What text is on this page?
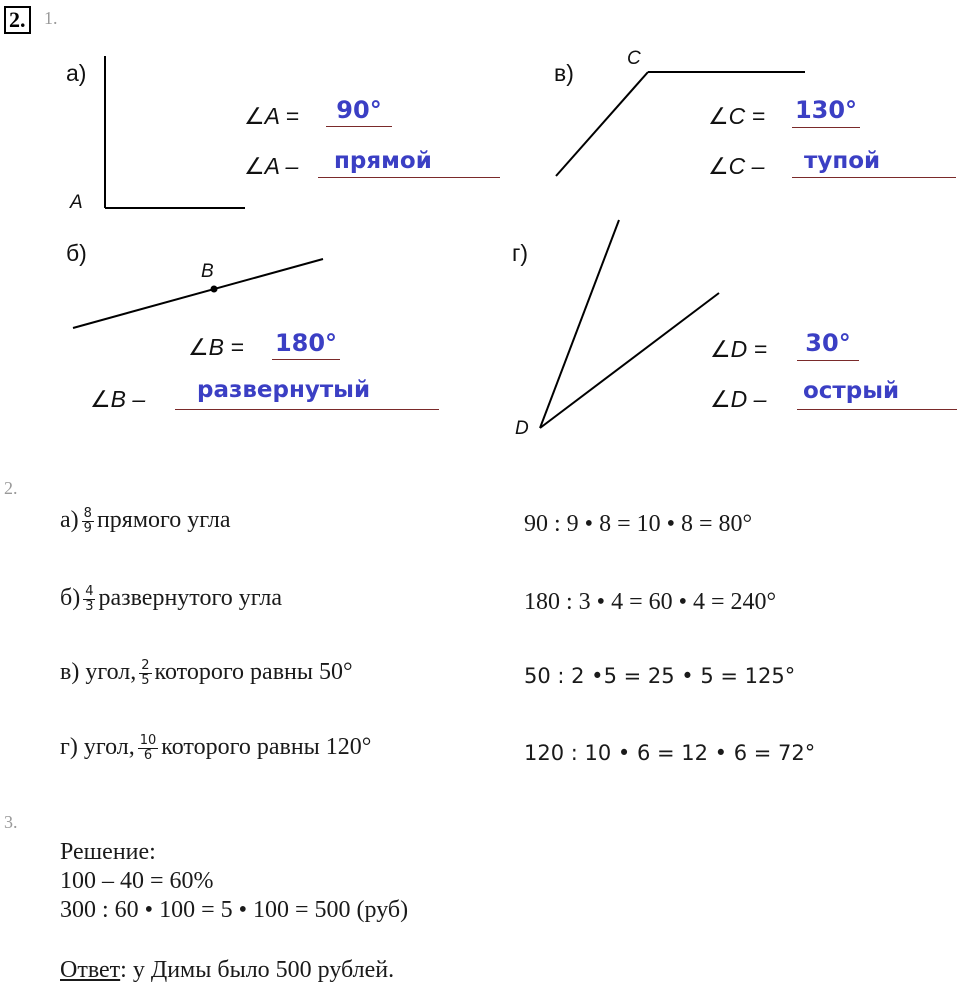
2. 1.
а)
A
∠A =	90°
∠A –	прямой
б)
B
∠B = 180°
∠B –	развернутый
в)
C
∠C = 130°
∠C –	тупой
г)
D
∠D =	30°
∠D – острый
2.
$а) \frac{8}{9}$ прямого угла	90 : 9 • 8 = 10 • 8 = 80°
$б) \frac{4}{3}$ развернутого угла	180 : 3 • 4 = 60 • 4 = 240°
в) угол, $\frac{2}{5}$ которого равны 50°	50 : 2 •5 = 25 • 5 = 125°
г) угол, $\frac{10}{6}$ которого равны 120°	120 : 10 • 6 = 12 • 6 = 72°
3.
Решение:
100 – 40 = 60%
300 : 60 • 100 = 5 • 100 = 500 (руб)
Ответ: у Димы было 500 рублей.
